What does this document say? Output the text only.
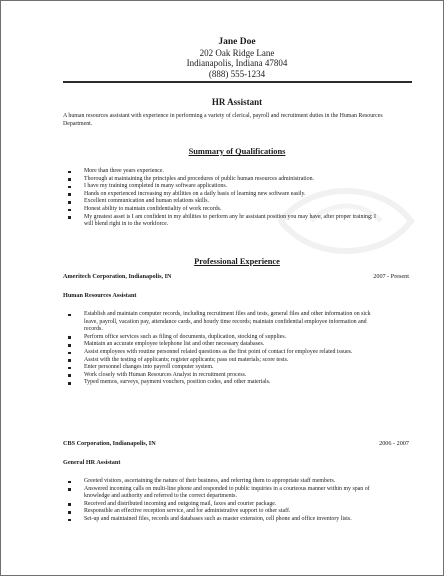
Jane Doe
202 Oak Ridge Lane
Indianapolis, Indiana 47804
(888) 555-1234
HR Assistant
A human resources assistant with experience in performing a variety of clerical, payroll and recruitment duties in the Human Resources Department.
Summary of Qualifications
More than three years experience.
Thorough at maintaining the principles and procedures of public human resources administration.
I have my training completed in many software applications.
Hands on experienced increasing my abilities on a daily basis of learning new software easily.
Excellent communication and human relations skills.
Honest ability to maintain confidentiality of work records.
My greatest asset is I am confident in my abilities to perform any hr assistant position you may have, after proper training; I will blend right in to the workforce.
Professional Experience
Ameritech Corporation, Indianapolis, IN	2007 - Present
Human Resources Assistant
Establish and maintain computer records, including recruitment files and tests, general files and other information on sick leave, payroll, vacation pay, attendance cards, and hourly time records; maintain confidential employee information and records.
Perform office services such as filing of documents, duplication, stocking of supplies.
Maintain an accurate employee telephone list and other necessary databases.
Assist employees with routine personnel related questions as the first point of contact for employee related issues.
Assist with the testing of applicants; register applicants; pass out materials; score tests.
Enter personnel changes into payroll computer system.
Work closely with Human Resources Analyst in recruitment process.
Typed memos, surveys, payment vouchers, position codes, and other materials.
CBS Corporation, Indianapolis, IN	2006 - 2007
General HR Assistant
Greeted visitors, ascertaining the nature of their business, and referring them to appropriate staff members.
Answered incoming calls on multi-line phone and responded to public inquiries in a courteous manner within my span of knowledge and authority and referred to the correct departments.
Received and distributed incoming and outgoing mail, faxes and courier package.
Responsible an effective reception service, and for administrative support to other staff.
Set-up and maintained files, records and databases such as master extension, cell phone and office inventory lists.
